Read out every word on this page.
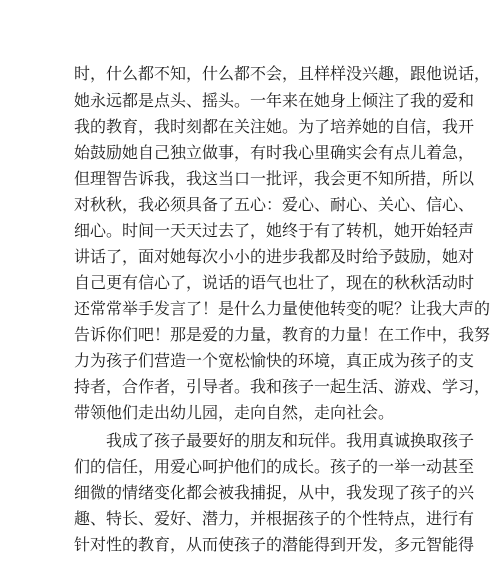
时，什么都不知，什么都不会，且样样没兴趣，跟他说话，
她永远都是点头、摇头。一年来在她身上倾注了我的爱和
我的教育，我时刻都在关注她。为了培养她的自信，我开
始鼓励她自己独立做事，有时我心里确实会有点儿着急，
但理智告诉我，我这当口一批评，我会更不知所措，所以
对秋秋，我必须具备了五心：爱心、耐心、关心、信心、
细心。时间一天天过去了，她终于有了转机，她开始轻声
讲话了，面对她每次小小的进步我都及时给予鼓励，她对
自己更有信心了，说话的语气也壮了，现在的秋秋活动时
还常常举手发言了！是什么力量使他转变的呢？让我大声的
告诉你们吧！那是爱的力量，教育的力量！在工作中，我努
力为孩子们营造一个宽松愉快的环境，真正成为孩子的支
持者，合作者，引导者。我和孩子一起生活、游戏、学习，
带领他们走出幼儿园，走向自然，走向社会。
我成了孩子最要好的朋友和玩伴。我用真诚换取孩子
们的信任，用爱心呵护他们的成长。孩子的一举一动甚至
细微的情绪变化都会被我捕捉，从中，我发现了孩子的兴
趣、特长、爱好、潜力，并根据孩子的个性特点，进行有
针对性的教育，从而使孩子的潜能得到开发，多元智能得
